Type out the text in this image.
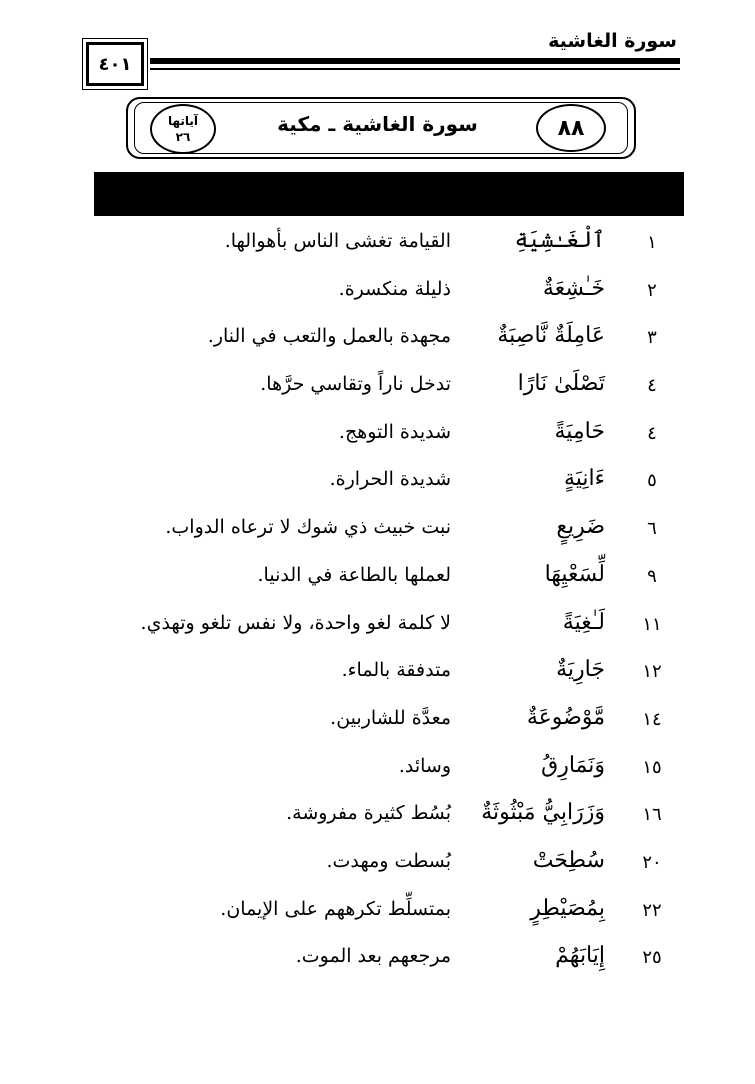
سورة الغاشية
٤٠١
٨٨
سورة الغاشية ـ مكية
آياتها
٢٦
١
ٱلْغَـٰشِيَةِ
القيامة تغشى الناس بأهوالها.
٢
خَـٰشِعَةٌ
ذليلة منكسرة.
٣
عَامِلَةٌ نَّاصِبَةٌ
مجهدة بالعمل والتعب في النار.
٤
تَصْلَىٰ نَارًا
تدخل ناراً وتقاسي حرَّها.
٤
حَامِيَةً
شديدة التوهج.
٥
ءَانِيَةٍ
شديدة الحرارة.
٦
ضَرِيعٍ
نبت خبيث ذي شوك لا ترعاه الدواب.
٩
لِّسَعْيِهَا
لعملها بالطاعة في الدنيا.
١١
لَـٰغِيَةً
لا كلمة لغو واحدة، ولا نفس تلغو وتهذي.
١٢
جَارِيَةٌ
متدفقة بالماء.
١٤
مَّوْضُوعَةٌ
معدَّة للشاربين.
١٥
وَنَمَارِقُ
وسائد.
١٦
وَزَرَابِيُّ مَبْثُوثَةٌ
بُسُط كثيرة مفروشة.
٢٠
سُطِحَتْ
بُسطت ومهدت.
٢٢
بِمُصَيْطِرٍ
بمتسلِّط تكرههم على الإيمان.
٢٥
إِيَابَهُمْ
مرجعهم بعد الموت.
